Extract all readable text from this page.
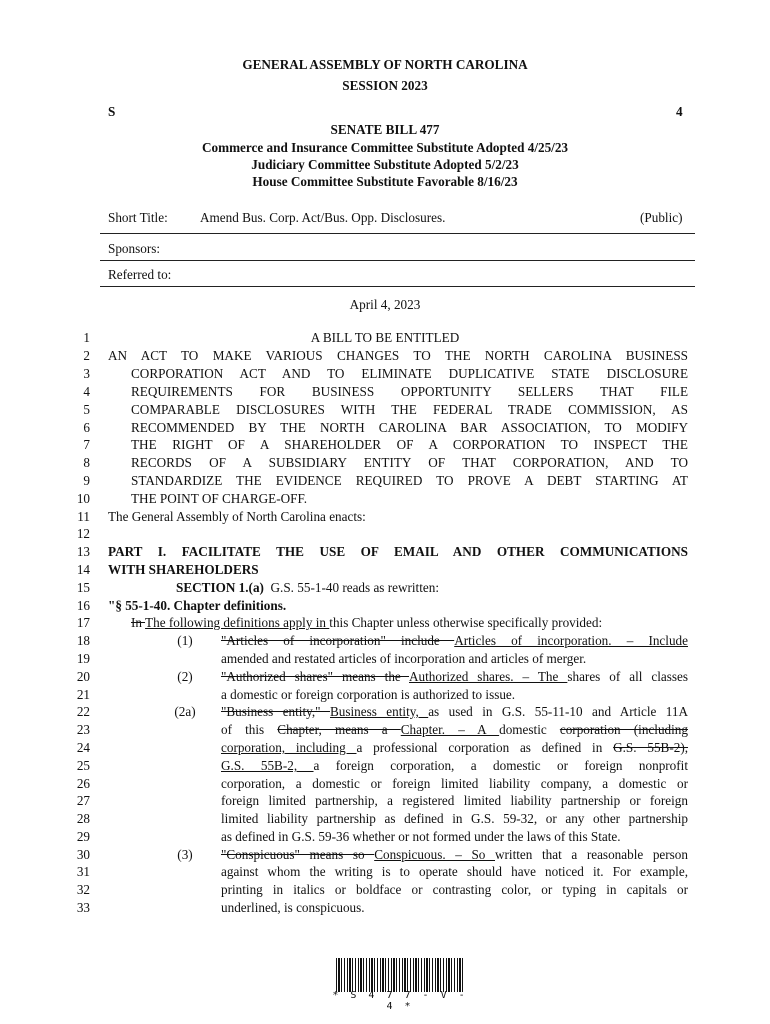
GENERAL ASSEMBLY OF NORTH CAROLINA
SESSION 2023
S	4
SENATE BILL 477
Commerce and Insurance Committee Substitute Adopted 4/25/23
Judiciary Committee Substitute Adopted 5/2/23
House Committee Substitute Favorable 8/16/23
Short Title: Amend Bus. Corp. Act/Bus. Opp. Disclosures.	(Public)
Sponsors:
Referred to:
April 4, 2023
1
2
3
4
5
6
7
8
9
10
11
12
13
14
15
16
17
18
19
20
21
22
23
24
25
26
27
28
29
30
31
32
33
A BILL TO BE ENTITLED
AN ACT TO MAKE VARIOUS CHANGES TO THE NORTH CAROLINA BUSINESS
CORPORATION ACT AND TO ELIMINATE DUPLICATIVE STATE DISCLOSURE
REQUIREMENTS FOR BUSINESS OPPORTUNITY SELLERS THAT FILE
COMPARABLE DISCLOSURES WITH THE FEDERAL TRADE COMMISSION, AS
RECOMMENDED BY THE NORTH CAROLINA BAR ASSOCIATION, TO MODIFY
THE RIGHT OF A SHAREHOLDER OF A CORPORATION TO INSPECT THE
RECORDS OF A SUBSIDIARY ENTITY OF THAT CORPORATION, AND TO
STANDARDIZE THE EVIDENCE REQUIRED TO PROVE A DEBT STARTING AT
THE POINT OF CHARGE-OFF.
The General Assembly of North Carolina enacts:
PART I. FACILITATE THE USE OF EMAIL AND OTHER COMMUNICATIONS
WITH SHAREHOLDERS
SECTION 1.(a) G.S. 55-1-40 reads as rewritten:
"§ 55-1-40. Chapter definitions.
In The following definitions apply in this Chapter unless otherwise specifically provided:
(1)	"Articles of incorporation" include Articles of incorporation. – Include
amended and restated articles of incorporation and articles of merger.
(2)	"Authorized shares" means the Authorized shares. – The shares of all classes
a domestic or foreign corporation is authorized to issue.
(2a)	"Business entity," Business entity, as used in G.S. 55-11-10 and Article 11A
of this Chapter, means a Chapter. – A domestic corporation (including
corporation, including a professional corporation as defined in G.S. 55B-2),
G.S. 55B-2, a foreign corporation, a domestic or foreign nonprofit
corporation, a domestic or foreign limited liability company, a domestic or
foreign limited partnership, a registered limited liability partnership or foreign
limited liability partnership as defined in G.S. 59-32, or any other partnership
as defined in G.S. 59-36 whether or not formed under the laws of this State.
(3)	"Conspicuous" means so Conspicuous. – So written that a reasonable person
against whom the writing is to operate should have noticed it. For example,
printing in italics or boldface or contrasting color, or typing in capitals or
underlined, is conspicuous.
* S 4 7 7 - V - 4 *
